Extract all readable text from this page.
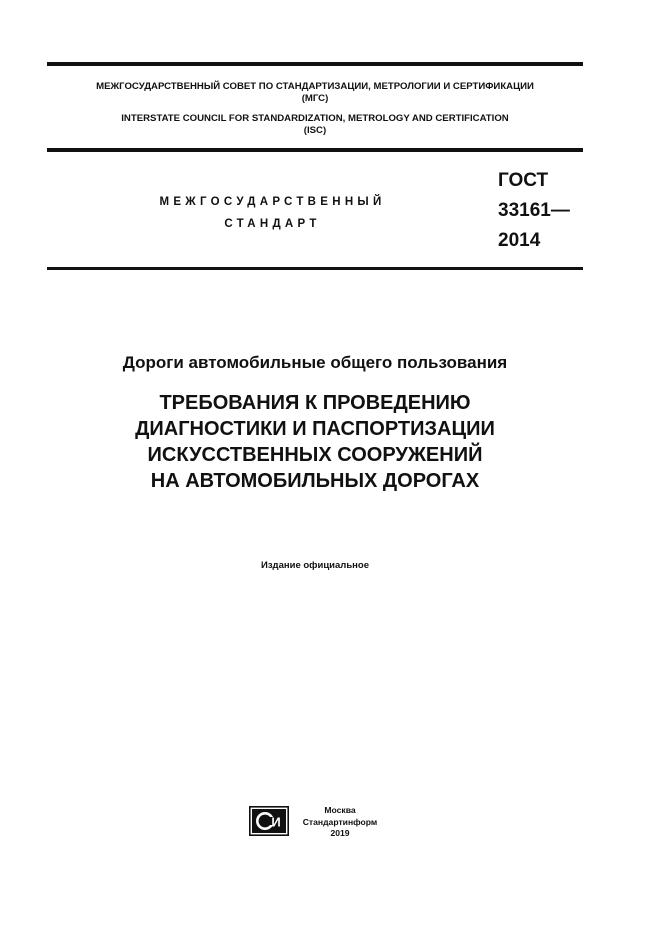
МЕЖГОСУДАРСТВЕННЫЙ СОВЕТ ПО СТАНДАРТИЗАЦИИ, МЕТРОЛОГИИ И СЕРТИФИКАЦИИ
(МГС)
INTERSTATE COUNCIL FOR STANDARDIZATION, METROLOGY AND CERTIFICATION
(ISC)
МЕЖГОСУДАРСТВЕННЫЙ
СТАНДАРТ
ГОСТ
33161—
2014
Дороги автомобильные общего пользования
ТРЕБОВАНИЯ К ПРОВЕДЕНИЮ
ДИАГНОСТИКИ И ПАСПОРТИЗАЦИИ
ИСКУССТВЕННЫХ СООРУЖЕНИЙ
НА АВТОМОБИЛЬНЫХ ДОРОГАХ
Издание официальное
И
Москва
Стандартинформ
2019
